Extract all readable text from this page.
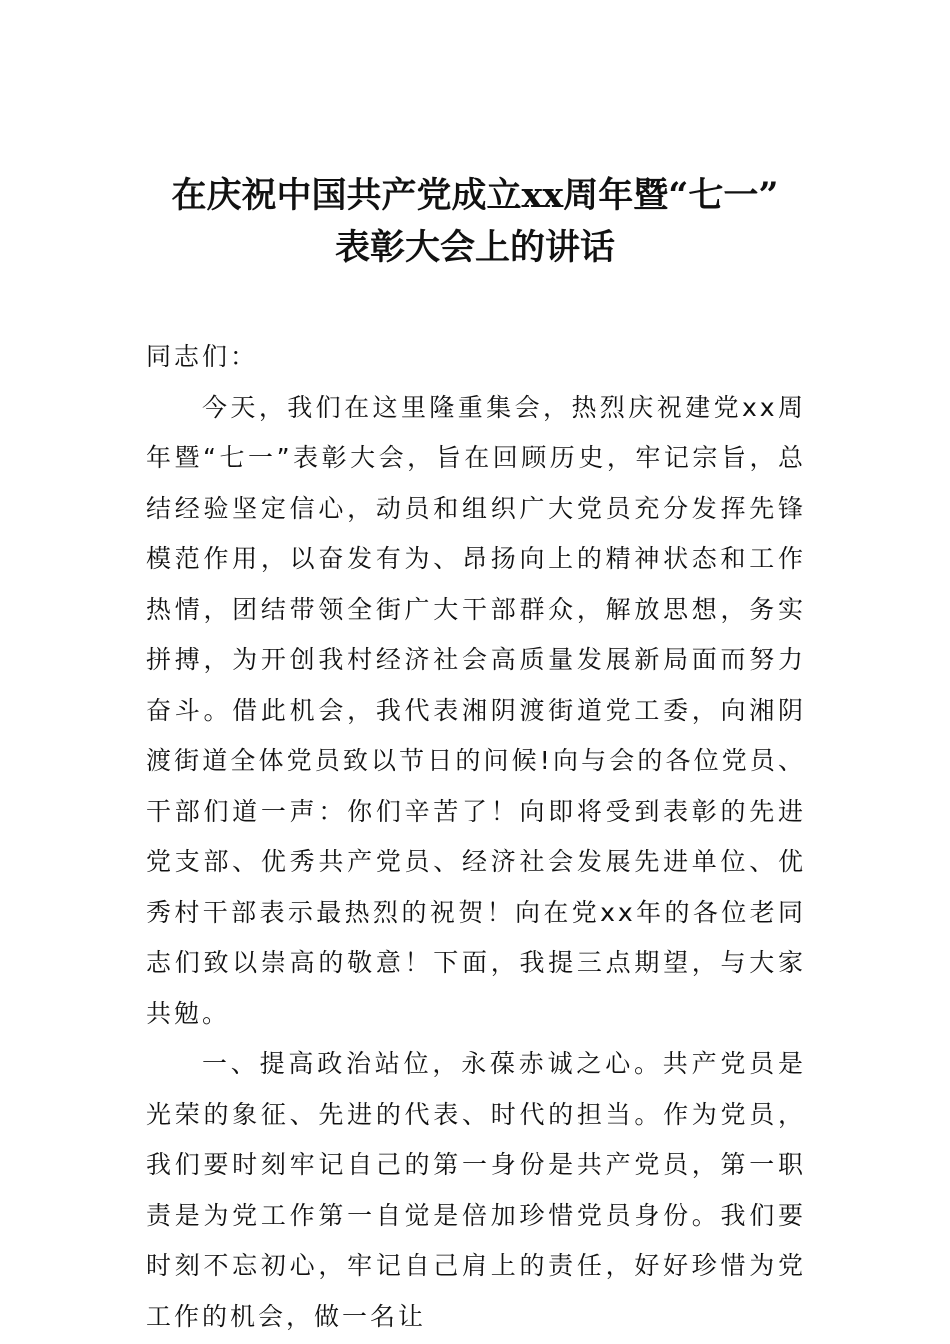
在庆祝中国共产党成立xx周年暨“七一”
表彰大会上的讲话

同志们：

今天，我们在这里隆重集会，热烈庆祝建党xx周年暨“七一”表彰大会，旨在回顾历史，牢记宗旨，总结经验坚定信心，动员和组织广大党员充分发挥先锋模范作用，以奋发有为、昂扬向上的精神状态和工作热情，团结带领全街广大干部群众，解放思想，务实拼搏，为开创我村经济社会高质量发展新局面而努力奋斗。借此机会，我代表湘阴渡街道党工委，向湘阴渡街道全体党员致以节日的问候!向与会的各位党员、干部们道一声：你们辛苦了！向即将受到表彰的先进党支部、优秀共产党员、经济社会发展先进单位、优秀村干部表示最热烈的祝贺！向在党xx年的各位老同志们致以崇高的敬意！下面，我提三点期望，与大家共勉。

一、提高政治站位，永葆赤诚之心。共产党员是光荣的象征、先进的代表、时代的担当。作为党员，我们要时刻牢记自己的第一身份是共产党员，第一职责是为党工作第一自觉是倍加珍惜党员身份。我们要时刻不忘初心，牢记自己肩上的责任，好好珍惜为党工作的机会，做一名让
